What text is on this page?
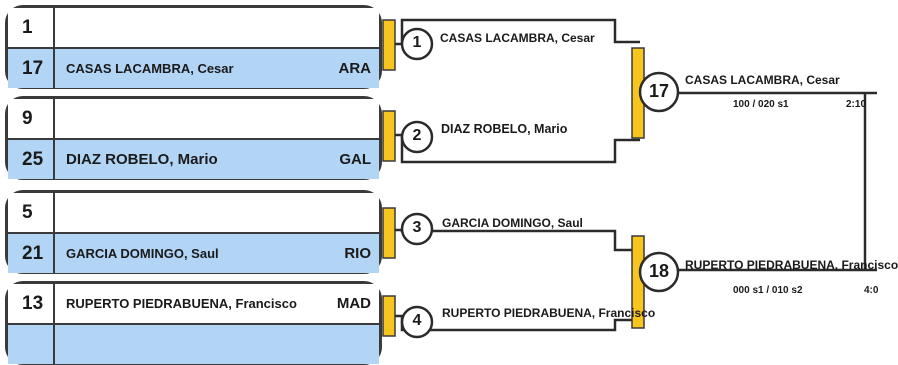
1
17	CASAS LACAMBRA, Cesar	ARA
9
25	DIAZ ROBELO, Mario	GAL
5
21	GARCIA DOMINGO, Saul	RIO
13	RUPERTO PIEDRABUENA, Francisco	MAD
1
2
3
4
17
18
CASAS LACAMBRA, Cesar
DIAZ ROBELO, Mario
GARCIA DOMINGO, Saul
RUPERTO PIEDRABUENA, Francisco
CASAS LACAMBRA, Cesar
100 / 020 s1	2:10
RUPERTO PIEDRABUENA, Francisco
000 s1 / 010 s2	4:0
